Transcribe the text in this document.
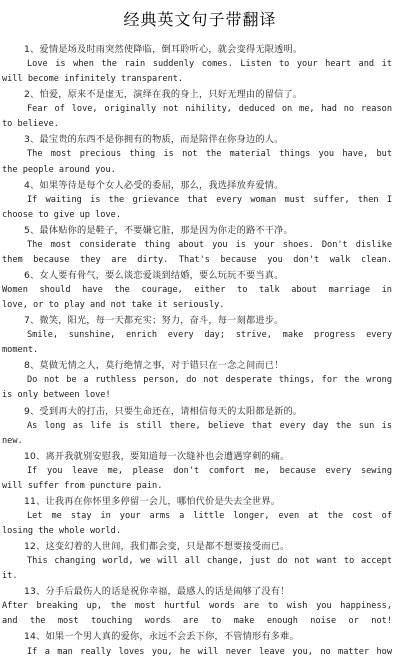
经典英文句子带翻译
1、爱情是场及时雨突然使降临，倒耳聆听心，就会变得无限透明。
Love is when the rain suddenly comes. Listen to your heart and it
will become infinitely transparent.
2、怕爱，原来不是虚无，演绎在我的身上，只好无理由的留信了。
Fear of love, originally not nihility, deduced on me, had no reason
to believe.
3、最宝贵的东西不是你拥有的物质，而是陪伴在你身边的人。
The most precious thing is not the material things you have, but
the people around you.
4、如果等待是每个女人必受的委屈，那么，我选择放弃爱情。
If waiting is the grievance that every woman must suffer, then I
choose to give up love.
5、最体贴你的是鞋子，不要嫌它脏，那是因为你走的路不干净。
The most considerate thing about you is your shoes. Don't dislike
them because they are dirty. That's because you don't walk clean.
6、女人要有骨气，要么谈恋爱谈到结婚，要么玩玩不要当真。
Women should have the courage, either to talk about marriage in
love, or to play and not take it seriously.
7、微笑，阳光，每一天都充实；努力，奋斗，每一刻都进步。
Smile, sunshine, enrich every day; strive, make progress every
moment.
8、莫做无情之人，莫行绝情之事，对于错只在一念之间而已！
Do not be a ruthless person, do not desperate things, for the wrong
is only between love!
9、受到再大的打击，只要生命还在，请相信每天的太阳都是新的。
As long as life is still there, believe that every day the sun is
new.
10、离开我就别安慰我，要知道每一次缝补也会遭遇穿刺的痛。
If you leave me, please don't comfort me, because every sewing
will suffer from puncture pain.
11、让我再在你怀里多停留一会儿，哪怕代价是失去全世界。
Let me stay in your arms a little longer, even at the cost of
losing the whole world.
12、这变幻着的人世间，我们都会变，只是都不想要接受而已。
This changing world, we will all change, just do not want to accept
it.
13、分手后最伤人的话是祝你幸福，最感人的话是闹够了没有！
After breaking up, the most hurtful words are to wish you happiness,
and the most touching words are to make enough noise or not!
14、如果一个男人真的爱你，永远不会丢下你，不管情形有多难。
If a man really loves you, he will never leave you, no matter how
